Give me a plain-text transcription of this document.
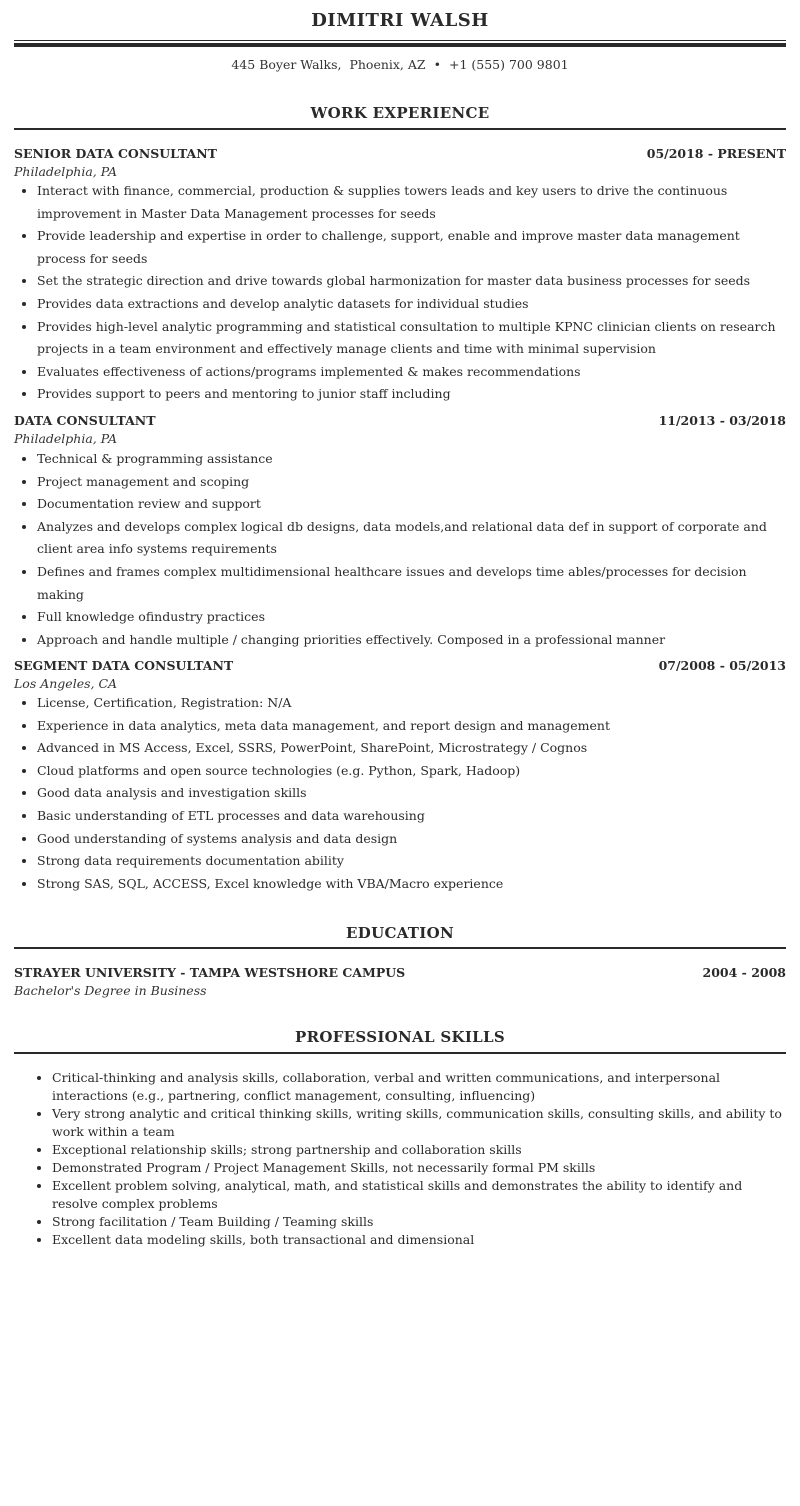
DIMITRI WALSH
445 Boyer Walks, Phoenix, AZ • +1 (555) 700 9801
WORK EXPERIENCE
SENIOR DATA CONSULTANT	05/2018 - PRESENT
Philadelphia, PA
• Interact with finance, commercial, production & supplies towers leads and key users to drive the continuous improvement in Master Data Management processes for seeds
• Provide leadership and expertise in order to challenge, support, enable and improve master data management process for seeds
• Set the strategic direction and drive towards global harmonization for master data business processes for seeds
• Provides data extractions and develop analytic datasets for individual studies
• Provides high-level analytic programming and statistical consultation to multiple KPNC clinician clients on research projects in a team environment and effectively manage clients and time with minimal supervision
• Evaluates effectiveness of actions/programs implemented & makes recommendations
• Provides support to peers and mentoring to junior staff including
DATA CONSULTANT	11/2013 - 03/2018
Philadelphia, PA
• Technical & programming assistance
• Project management and scoping
• Documentation review and support
• Analyzes and develops complex logical db designs, data models,and relational data def in support of corporate and client area info systems requirements
• Defines and frames complex multidimensional healthcare issues and develops time ables/processes for decision making
• Full knowledge ofindustry practices
• Approach and handle multiple / changing priorities effectively. Composed in a professional manner
SEGMENT DATA CONSULTANT	07/2008 - 05/2013
Los Angeles, CA
• License, Certification, Registration: N/A
• Experience in data analytics, meta data management, and report design and management
• Advanced in MS Access, Excel, SSRS, PowerPoint, SharePoint, Microstrategy / Cognos
• Cloud platforms and open source technologies (e.g. Python, Spark, Hadoop)
• Good data analysis and investigation skills
• Basic understanding of ETL processes and data warehousing
• Good understanding of systems analysis and data design
• Strong data requirements documentation ability
• Strong SAS, SQL, ACCESS, Excel knowledge with VBA/Macro experience
EDUCATION
STRAYER UNIVERSITY - TAMPA WESTSHORE CAMPUS	2004 - 2008
Bachelor's Degree in Business
PROFESSIONAL SKILLS
• Critical-thinking and analysis skills, collaboration, verbal and written communications, and interpersonal interactions (e.g., partnering, conflict management, consulting, influencing)
• Very strong analytic and critical thinking skills, writing skills, communication skills, consulting skills, and ability to work within a team
• Exceptional relationship skills; strong partnership and collaboration skills
• Demonstrated Program / Project Management Skills, not necessarily formal PM skills
• Excellent problem solving, analytical, math, and statistical skills and demonstrates the ability to identify and resolve complex problems
• Strong facilitation / Team Building / Teaming skills
• Excellent data modeling skills, both transactional and dimensional
